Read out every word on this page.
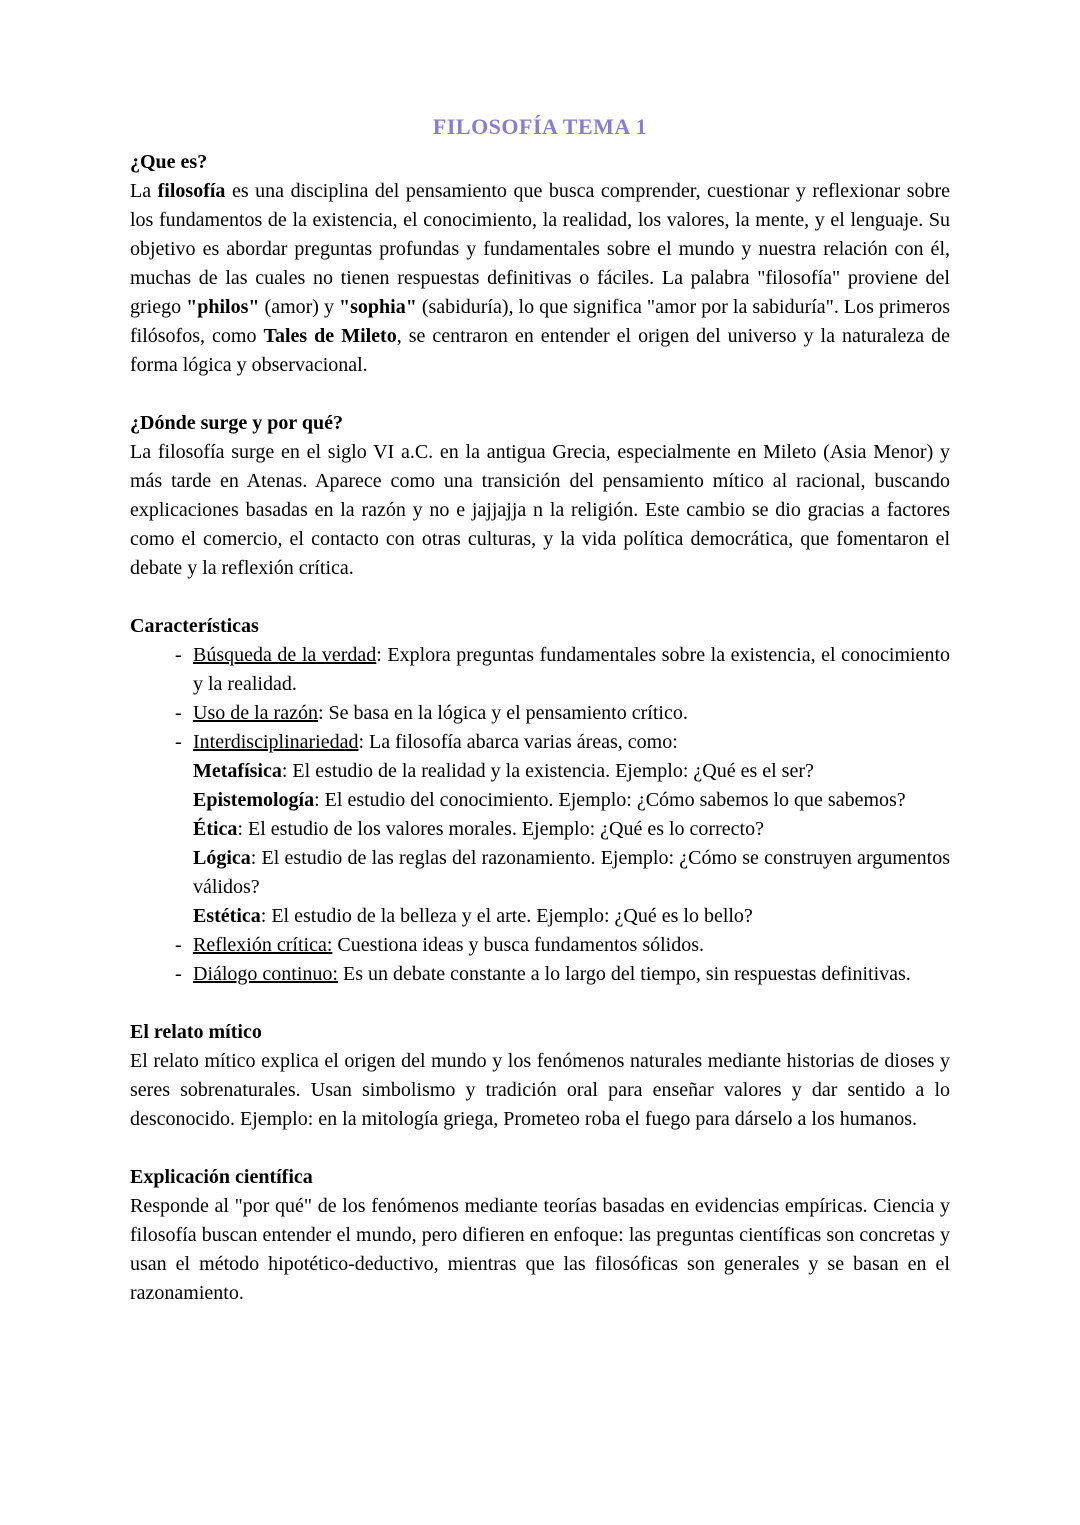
FILOSOFÍA TEMA 1
¿Que es?

La filosofía es una disciplina del pensamiento que busca comprender, cuestionar y reflexionar sobre los fundamentos de la existencia, el conocimiento, la realidad, los valores, la mente, y el lenguaje. Su objetivo es abordar preguntas profundas y fundamentales sobre el mundo y nuestra relación con él, muchas de las cuales no tienen respuestas definitivas o fáciles. La palabra "filosofía" proviene del griego "philos" (amor) y "sophia" (sabiduría), lo que significa "amor por la sabiduría". Los primeros filósofos, como Tales de Mileto, se centraron en entender el origen del universo y la naturaleza de forma lógica y observacional.

¿Dónde surge y por qué?

La filosofía surge en el siglo VI a.C. en la antigua Grecia, especialmente en Mileto (Asia Menor) y más tarde en Atenas. Aparece como una transición del pensamiento mítico al racional, buscando explicaciones basadas en la razón y no e jajjajja n la religión. Este cambio se dio gracias a factores como el comercio, el contacto con otras culturas, y la vida política democrática, que fomentaron el debate y la reflexión crítica.

Características
- Búsqueda de la verdad: Explora preguntas fundamentales sobre la existencia, el conocimiento y la realidad.
- Uso de la razón: Se basa en la lógica y el pensamiento crítico.
- Interdisciplinariedad: La filosofía abarca varias áreas, como:
Metafísica: El estudio de la realidad y la existencia. Ejemplo: ¿Qué es el ser?
Epistemología: El estudio del conocimiento. Ejemplo: ¿Cómo sabemos lo que sabemos?
Ética: El estudio de los valores morales. Ejemplo: ¿Qué es lo correcto?
Lógica: El estudio de las reglas del razonamiento. Ejemplo: ¿Cómo se construyen argumentos válidos?
Estética: El estudio de la belleza y el arte. Ejemplo: ¿Qué es lo bello?
- Reflexión crítica: Cuestiona ideas y busca fundamentos sólidos.
- Diálogo continuo: Es un debate constante a lo largo del tiempo, sin respuestas definitivas.
El relato mítico

El relato mítico explica el origen del mundo y los fenómenos naturales mediante historias de dioses y seres sobrenaturales. Usan simbolismo y tradición oral para enseñar valores y dar sentido a lo desconocido. Ejemplo: en la mitología griega, Prometeo roba el fuego para dárselo a los humanos.

Explicación científica

Responde al "por qué" de los fenómenos mediante teorías basadas en evidencias empíricas. Ciencia y filosofía buscan entender el mundo, pero difieren en enfoque: las preguntas científicas son concretas y usan el método hipotético-deductivo, mientras que las filosóficas son generales y se basan en el razonamiento.
